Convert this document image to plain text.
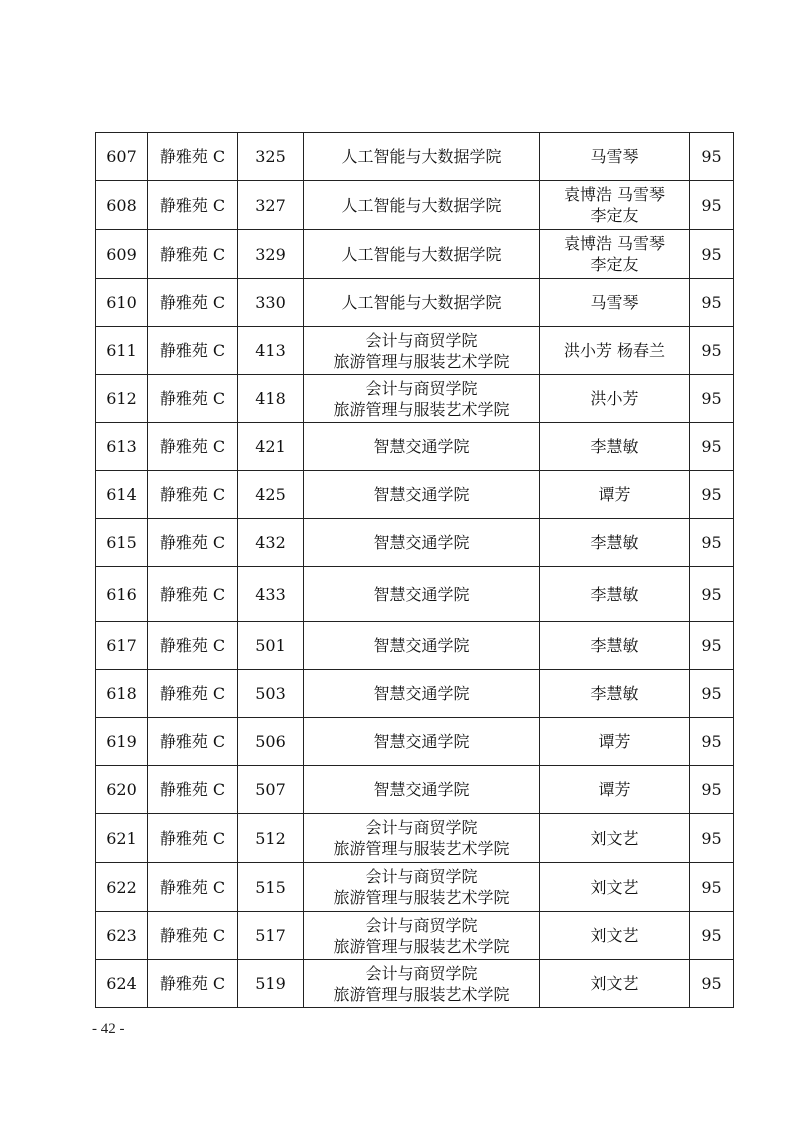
607	静雅苑 C	325	人工智能与大数据学院	马雪琴	95
608	静雅苑 C	327	人工智能与大数据学院	袁博浩 马雪琴
李定友	95
609	静雅苑 C	329	人工智能与大数据学院	袁博浩 马雪琴
李定友	95
610	静雅苑 C	330	人工智能与大数据学院	马雪琴	95
611	静雅苑 C	413	会计与商贸学院
旅游管理与服装艺术学院	洪小芳 杨春兰	95
612	静雅苑 C	418	会计与商贸学院
旅游管理与服装艺术学院	洪小芳	95
613	静雅苑 C	421	智慧交通学院	李慧敏	95
614	静雅苑 C	425	智慧交通学院	谭芳	95
615	静雅苑 C	432	智慧交通学院	李慧敏	95
616	静雅苑 C	433	智慧交通学院	李慧敏	95
617	静雅苑 C	501	智慧交通学院	李慧敏	95
618	静雅苑 C	503	智慧交通学院	李慧敏	95
619	静雅苑 C	506	智慧交通学院	谭芳	95
620	静雅苑 C	507	智慧交通学院	谭芳	95
621	静雅苑 C	512	会计与商贸学院
旅游管理与服装艺术学院	刘文艺	95
622	静雅苑 C	515	会计与商贸学院
旅游管理与服装艺术学院	刘文艺	95
623	静雅苑 C	517	会计与商贸学院
旅游管理与服装艺术学院	刘文艺	95
624	静雅苑 C	519	会计与商贸学院
旅游管理与服装艺术学院	刘文艺	95
- 42 -
